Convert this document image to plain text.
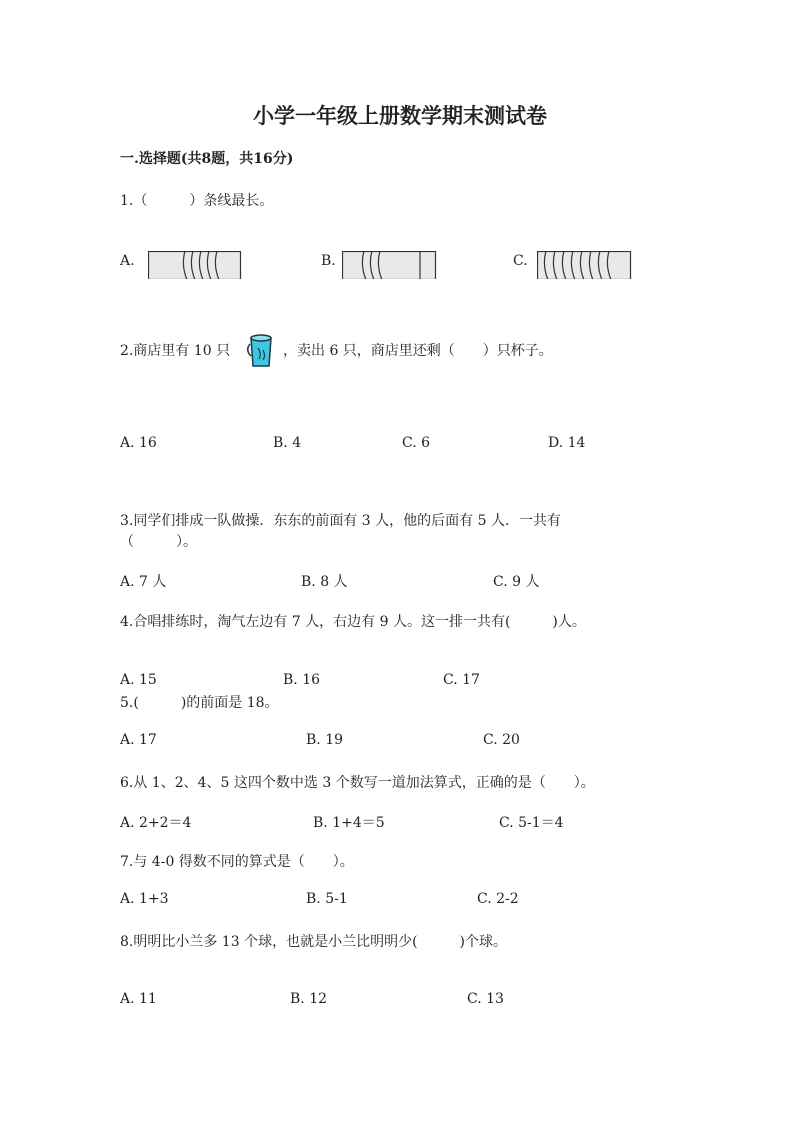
小学一年级上册数学期末测试卷
一.选择题(共8题，共16分)
1.（　　　）条线最长。
A.	B.	C.
2.商店里有 10 只	，卖出 6 只，商店里还剩（　　）只杯子。
A. 16	B. 4	C. 6	D. 14
3.同学们排成一队做操．东东的前面有 3 人，他的后面有 5 人．一共有
（　　　）。
A. 7 人	B. 8 人	C. 9 人
4.合唱排练时，淘气左边有 7 人，右边有 9 人。这一排一共有(　　　)人。
A. 15	B. 16	C. 17
5.(　　　)的前面是 18。
A. 17	B. 19	C. 20
6.从 1、2、4、5 这四个数中选 3 个数写一道加法算式，正确的是（　　）。
A. 2+2＝4	B. 1+4＝5	C. 5-1＝4
7.与 4-0 得数不同的算式是（　　）。
A. 1+3	B. 5-1	C. 2-2
8.明明比小兰多 13 个球，也就是小兰比明明少(　　　)个球。
A. 11	B. 12	C. 13
